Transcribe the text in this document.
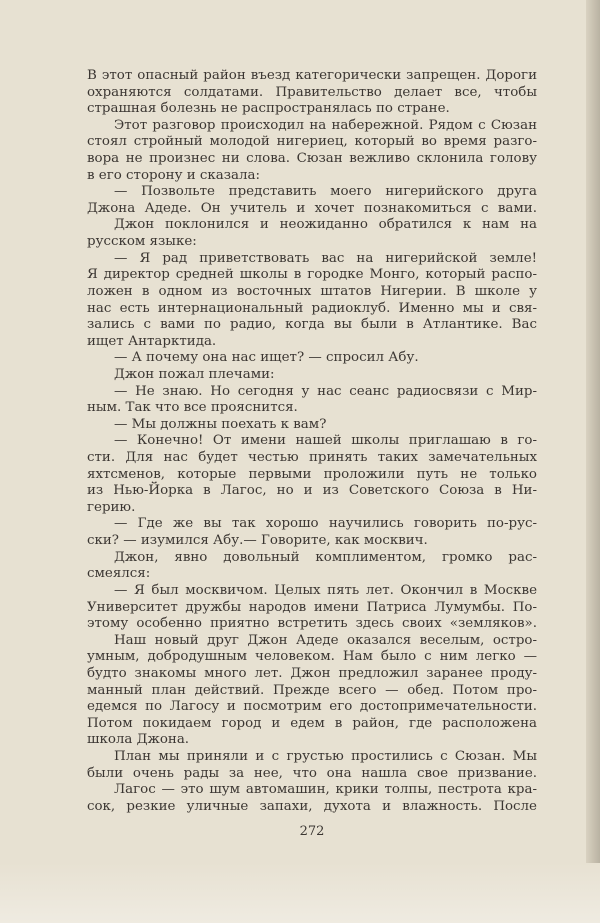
В этот опасный район въезд категорически запрещен. Дороги
охраняются солдатами. Правительство делает все, чтобы
страшная болезнь не распространялась по стране.
Этот разговор происходил на набережной. Рядом с Сюзан
стоял стройный молодой нигериец, который во время разго-
вора не произнес ни слова. Сюзан вежливо склонила голову
в его сторону и сказала:
— Позвольте представить моего нигерийского друга
Джона Адеде. Он учитель и хочет познакомиться с вами.
Джон поклонился и неожиданно обратился к нам на
русском языке:
— Я рад приветствовать вас на нигерийской земле!
Я директор средней школы в городке Монго, который распо-
ложен в одном из восточных штатов Нигерии. В школе у
нас есть интернациональный радиоклуб. Именно мы и свя-
зались с вами по радио, когда вы были в Атлантике. Вас
ищет Антарктида.
— А почему она нас ищет? — спросил Абу.
Джон пожал плечами:
— Не знаю. Но сегодня у нас сеанс радиосвязи с Мир-
ным. Так что все прояснится.
— Мы должны поехать к вам?
— Конечно! От имени нашей школы приглашаю в го-
сти. Для нас будет честью принять таких замечательных
яхтсменов, которые первыми проложили путь не только
из Нью-Йорка в Лагос, но и из Советского Союза в Ни-
герию.
— Где же вы так хорошо научились говорить по-рус-
ски? — изумился Абу.— Говорите, как москвич.
Джон, явно довольный комплиментом, громко рас-
смеялся:
— Я был москвичом. Целых пять лет. Окончил в Москве
Университет дружбы народов имени Патриса Лумумбы. По-
этому особенно приятно встретить здесь своих «земляков».
Наш новый друг Джон Адеде оказался веселым, остро-
умным, добродушным человеком. Нам было с ним легко —
будто знакомы много лет. Джон предложил заранее проду-
манный план действий. Прежде всего — обед. Потом про-
едемся по Лагосу и посмотрим его достопримечательности.
Потом покидаем город и едем в район, где расположена
школа Джона.
План мы приняли и с грустью простились с Сюзан. Мы
были очень рады за нее, что она нашла свое призвание.
Лагос — это шум автомашин, крики толпы, пестрота кра-
сок, резкие уличные запахи, духота и влажность. После
272
